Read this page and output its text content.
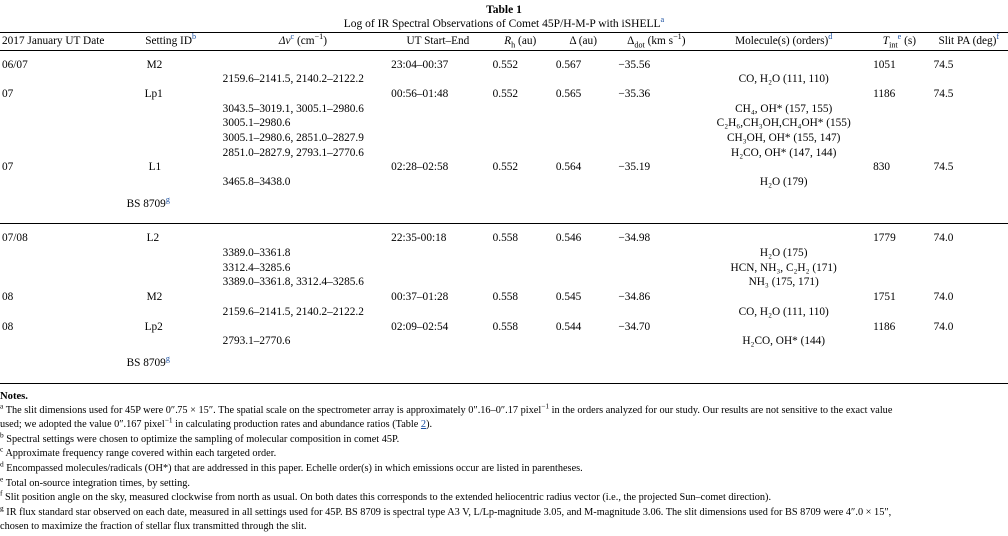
Table 1
Log of IR Spectral Observations of Comet 45P/H-M-P with iSHELL$^a$
2017 January UT Date	Setting $ID^b$	$\Delta\nu^c$ $(cm^{-1})$	UT Start–End	$R_h$ (au)	Δ (au)	$\Delta_{dot}$ (km $s^{-1}$)	Molecule(s) (orders)$^d$	$T_{int}^e$ (s)	Slit PA (deg)$^f$

06/07	M2		23:04–00:37	0.552	0.567	−35.56		1051	74.5
		2159.6–2141.5, 2140.2–2122.2					CO, H₂O (111, 110)		
07	Lp1		00:56–01:48	0.552	0.565	−35.36		1186	74.5
		3043.5–3019.1, 3005.1–2980.6					CH₄, OH* (157, 155)		
		3005.1–2980.6					C₂H₆,CH₃OH,CH₄OH* (155)		
		3005.1–2980.6, 2851.0–2827.9					CH₃OH, OH* (155, 147)		
		2851.0–2827.9, 2793.1–2770.6					H₂CO, OH* (147, 144)		
07	L1		02:28–02:58	0.552	0.564	−35.19		830	74.5
		3465.8–3438.0					H₂O (179)		

	BS 8709$^g$								

07/08	L2		22:35-00:18	0.558	0.546	−34.98		1779	74.0
		3389.0–3361.8					H₂O (175)		
		3312.4–3285.6					HCN, NH₃, C₂H₂ (171)		
		3389.0–3361.8, 3312.4–3285.6					NH₃ (175, 171)		
08	M2		00:37–01:28	0.558	0.545	−34.86		1751	74.0
		2159.6–2141.5, 2140.2–2122.2					CO, H₂O (111, 110)		
08	Lp2		02:09–02:54	0.558	0.544	−34.70		1186	74.0
		2793.1–2770.6					H₂CO, OH* (144)		

	BS 8709$^g$								

Notes.

$^a$ The slit dimensions used for 45P were 0″.75 × 15″. The spatial scale on the spectrometer array is approximately 0″.16–0″.17 pixel$^{-1}$ in the orders analyzed for our study. Our results are not sensitive to the exact value

used; we adopted the value 0″.167 pixel$^{-1}$ in calculating production rates and abundance ratios (Table 2).

$^b$ Spectral settings were chosen to optimize the sampling of molecular composition in comet 45P.

$^c$ Approximate frequency range covered within each targeted order.

$^d$ Encompassed molecules/radicals (OH*) that are addressed in this paper. Echelle order(s) in which emissions occur are listed in parentheses.

$^e$ Total on-source integration times, by setting.

$^f$ Slit position angle on the sky, measured clockwise from north as usual. On both dates this corresponds to the extended heliocentric radius vector (i.e., the projected Sun–comet direction).

$^g$ IR flux standard star observed on each date, measured in all settings used for 45P. BS 8709 is spectral type A3 V, L/Lp-magnitude 3.05, and M-magnitude 3.06. The slit dimensions used for BS 8709 were 4″.0 × 15″,

chosen to maximize the fraction of stellar flux transmitted through the slit.
